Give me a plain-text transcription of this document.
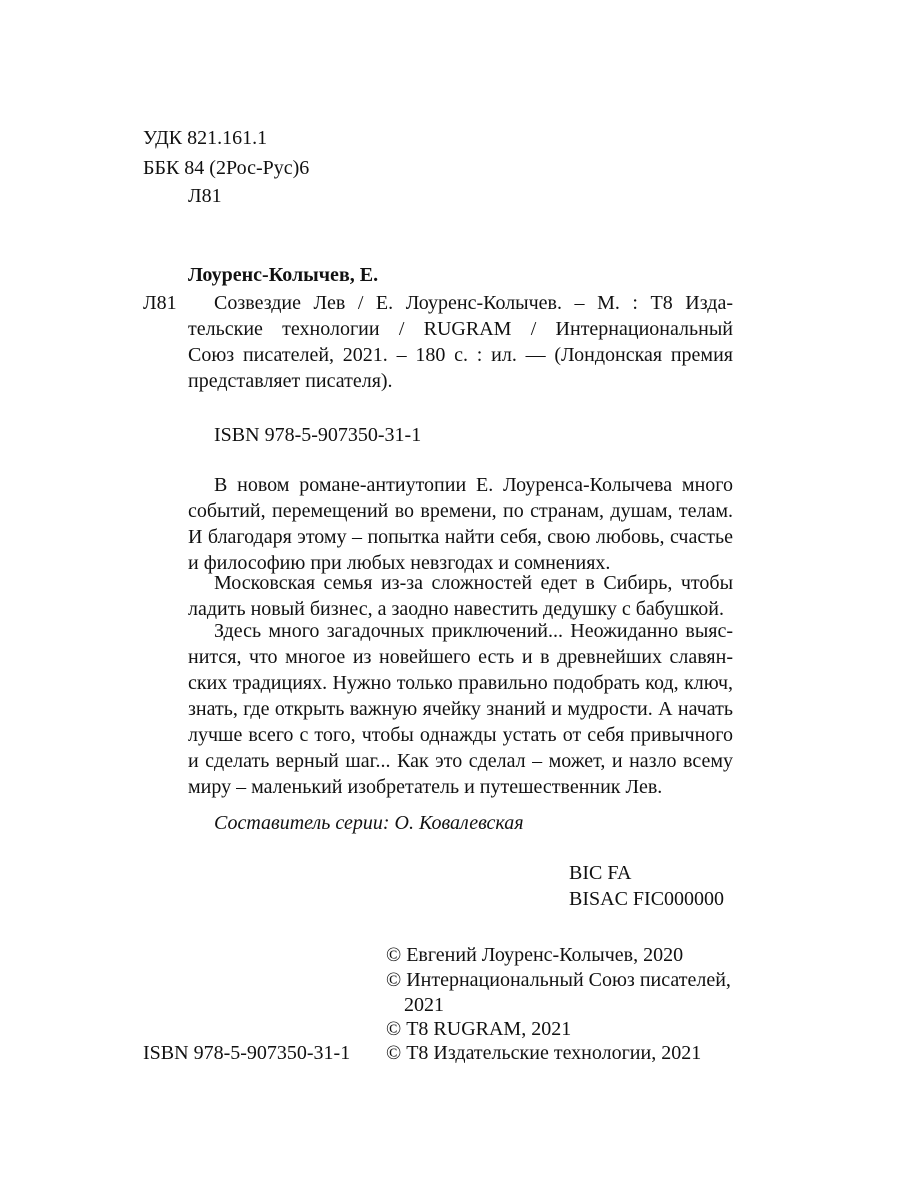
УДК 821.161.1
ББК 84 (2Рос-Рус)6
Л81
Лоуренс-Колычев, Е.
Л81 Созвездие Лев / Е. Лоуренс-Колычев. – М. : Т8 Изда-
тельские технологии / RUGRAM / Интернациональный
Союз писателей, 2021. – 180 с. : ил. — (Лондонская премия
представляет писателя).
ISBN 978-5-907350-31-1
В новом романе-антиутопии Е. Лоуренса-Колычева много
событий, перемещений во времени, по странам, душам, телам.
И благодаря этому – попытка найти себя, свою любовь, счастье
и философию при любых невзгодах и сомнениях.
Московская семья из-за сложностей едет в Сибирь, чтобы
ладить новый бизнес, а заодно навестить дедушку с бабушкой.
Здесь много загадочных приключений... Неожиданно выяс-
нится, что многое из новейшего есть и в древнейших славян-
ских традициях. Нужно только правильно подобрать код, ключ,
знать, где открыть важную ячейку знаний и мудрости. А начать
лучше всего с того, чтобы однажды устать от себя привычного
и сделать верный шаг... Как это сделал – может, и назло всему
миру – маленький изобретатель и путешественник Лев.
Составитель серии: О. Ковалевская
BIC FA
BISAC FIC000000
© Евгений Лоуренс-Колычев, 2020
© Интернациональный Союз писателей,
2021
© Т8 RUGRAM, 2021
© Т8 Издательские технологии, 2021
ISBN 978-5-907350-31-1
